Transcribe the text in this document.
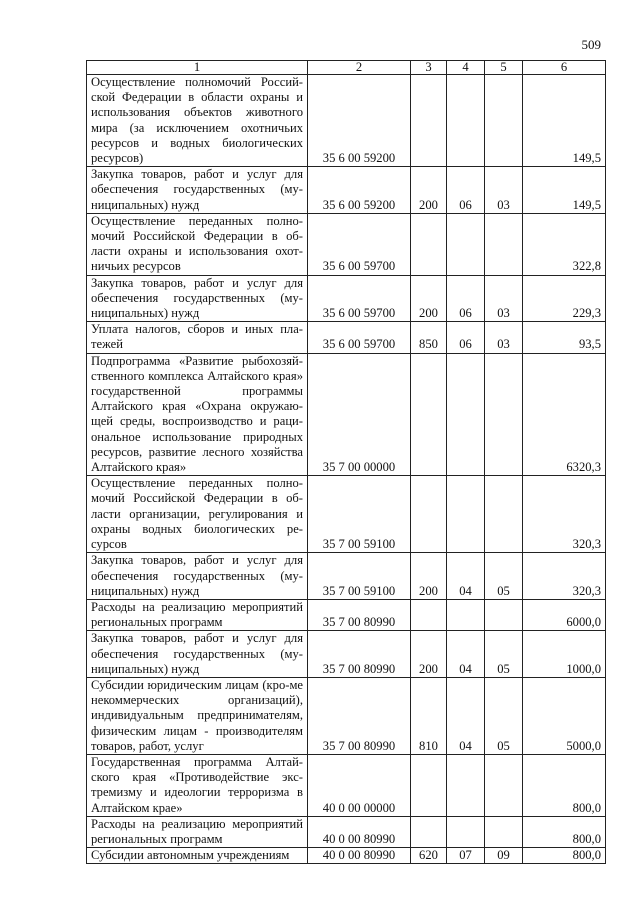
509
1	2	3	4	5	6
Осуществление полномочий Россий-ской Федерации в области охраны и использования объектов животного мира (за исключением охотничьих ресурсов и водных биологических ресурсов)	35 6 00 59200				149,5
Закупка товаров, работ и услуг для обеспечения государственных (му-ниципальных) нужд	35 6 00 59200	200	06	03	149,5
Осуществление переданных полно-мочий Российской Федерации в об-ласти охраны и использования охот-ничьих ресурсов	35 6 00 59700				322,8
Закупка товаров, работ и услуг для обеспечения государственных (му-ниципальных) нужд	35 6 00 59700	200	06	03	229,3
Уплата налогов, сборов и иных пла-тежей	35 6 00 59700	850	06	03	93,5
Подпрограмма «Развитие рыбохозяй-ственного комплекса Алтайского края» государственной программы Алтайского края «Охрана окружаю-щей среды, воспроизводство и раци-ональное использование природных ресурсов, развитие лесного хозяйства Алтайского края»	35 7 00 00000				6320,3
Осуществление переданных полно-мочий Российской Федерации в об-ласти организации, регулирования и охраны водных биологических ре-сурсов	35 7 00 59100				320,3
Закупка товаров, работ и услуг для обеспечения государственных (му-ниципальных) нужд	35 7 00 59100	200	04	05	320,3
Расходы на реализацию мероприятий региональных программ	35 7 00 80990				6000,0
Закупка товаров, работ и услуг для обеспечения государственных (му-ниципальных) нужд	35 7 00 80990	200	04	05	1000,0
Субсидии юридическим лицам (кро-ме некоммерческих организаций), индивидуальным предпринимателям, физическим лицам - производителям товаров, работ, услуг	35 7 00 80990	810	04	05	5000,0
Государственная программа Алтай-ского края «Противодействие экс-тремизму и идеологии терроризма в Алтайском крае»	40 0 00 00000				800,0
Расходы на реализацию мероприятий региональных программ	40 0 00 80990				800,0
Субсидии автономным учреждениям	40 0 00 80990	620	07	09	800,0
